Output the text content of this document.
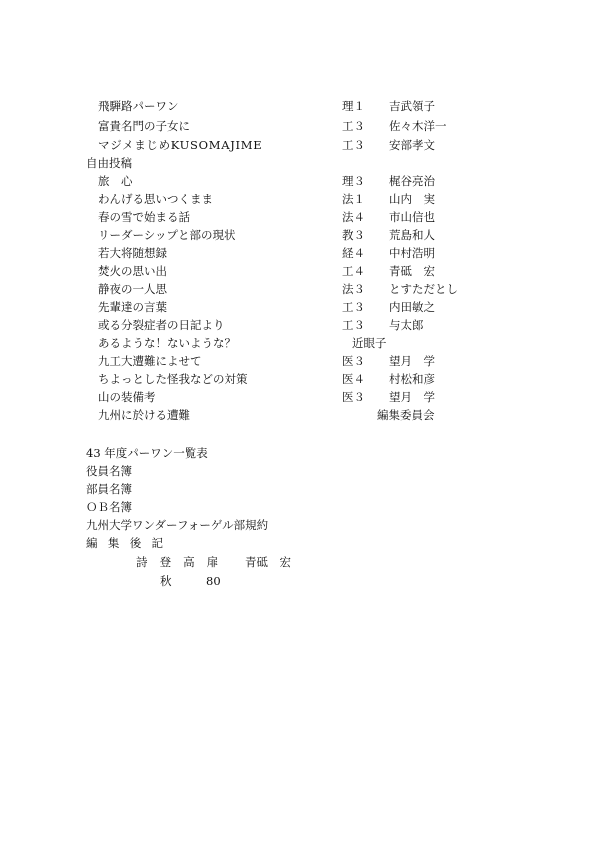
飛騨路パーワン	理１ 吉武領子
富貴名門の子女に	工３ 佐々木洋一
マジメまじめKUSOMAJIME	工３ 安部孝文
自由投稿
旅　心	理３ 梶谷亮治
わんげる思いつくまま	法１ 山内　実
春の雪で始まる話	法４ 市山信也
リーダーシップと部の現状	教３ 荒島和人
若大将随想録	経４ 中村浩明
焚火の思い出	工４ 青砥　宏
静夜の一人思	法３ とすただとし
先輩達の言葉	工３ 内田敏之
或る分裂症者の日記より	工３ 与太郎
あるような！ないような？	近眼子
九工大遭難によせて	医３ 望月　学
ちよっとした怪我などの対策	医４ 村松和彦
山の装備考	医３ 望月　学
九州に於ける遭難	編集委員会
43 年度パーワン一覧表
役員名簿
部員名簿
ＯＢ名簿
九州大学ワンダーフォーゲル部規約
編集後記
詩登高扉 青砥　宏
秋	80
